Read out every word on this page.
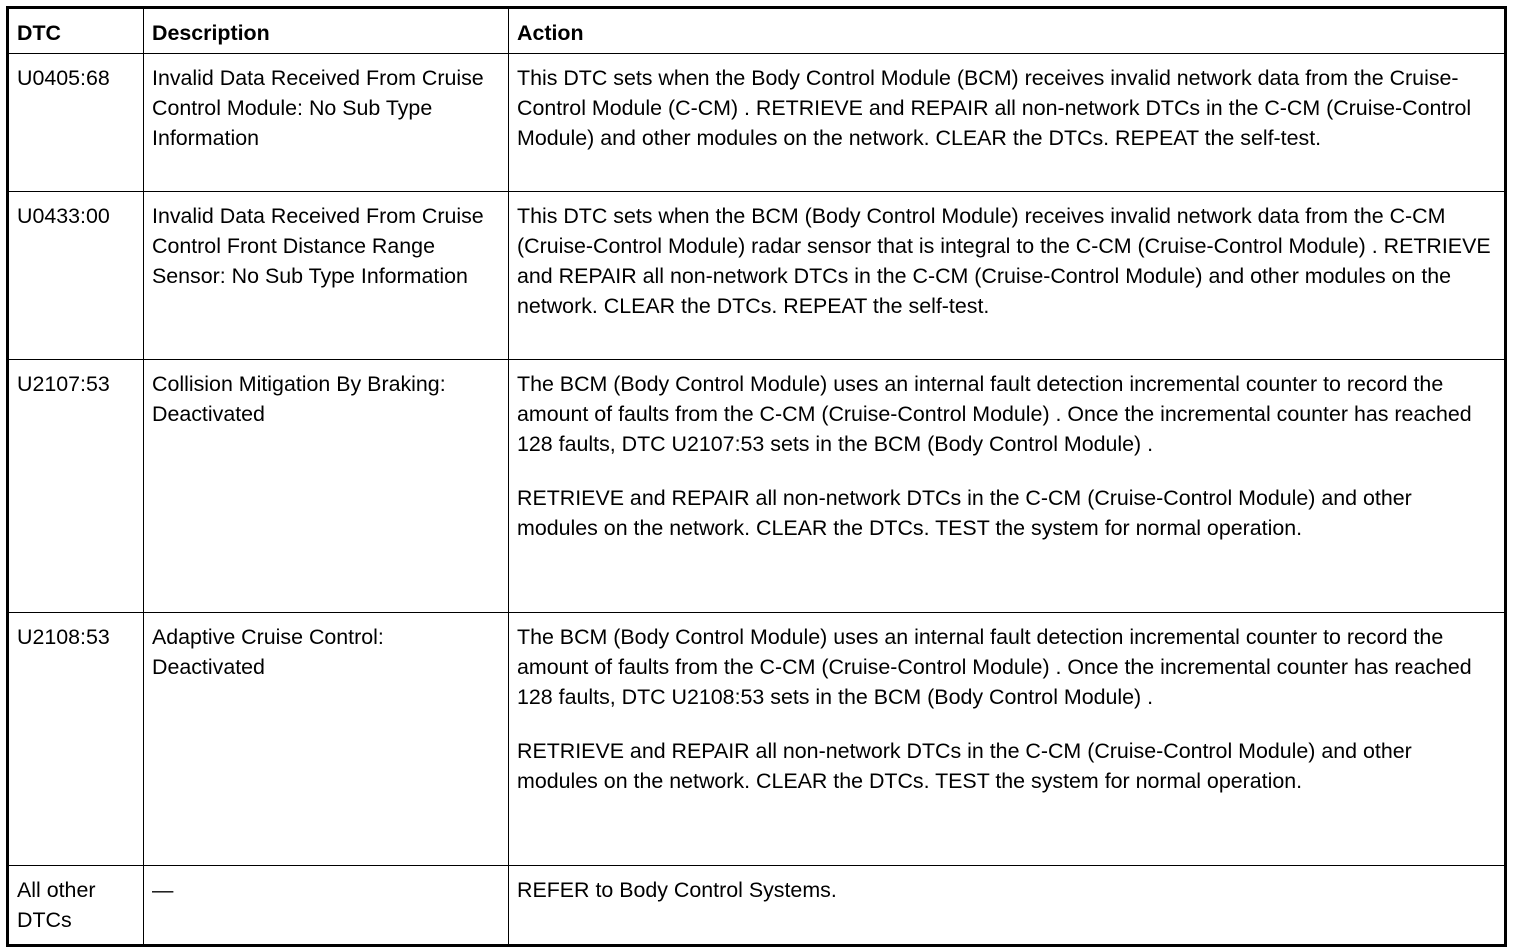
DTC	Description	Action

U0405:68	Invalid Data Received From Cruise Control Module: No Sub Type Information	This DTC sets when the Body Control Module (BCM) receives invalid network data from the Cruise-Control Module (C-CM) . RETRIEVE and REPAIR all non-network DTCs in the C-CM (Cruise-Control Module) and other modules on the network. CLEAR the DTCs. REPEAT the self-test.

U0433:00	Invalid Data Received From Cruise Control Front Distance Range Sensor: No Sub Type Information	This DTC sets when the BCM (Body Control Module) receives invalid network data from the C-CM (Cruise-Control Module) radar sensor that is integral to the C-CM (Cruise-Control Module) . RETRIEVE and REPAIR all non-network DTCs in the C-CM (Cruise-Control Module) and other modules on the network. CLEAR the DTCs. REPEAT the self-test.

U2107:53	Collision Mitigation By Braking: Deactivated	The BCM (Body Control Module) uses an internal fault detection incremental counter to record the amount of faults from the C-CM (Cruise-Control Module) . Once the incremental counter has reached 128 faults, DTC U2107:53 sets in the BCM (Body Control Module) .
RETRIEVE and REPAIR all non-network DTCs in the C-CM (Cruise-Control Module) and other modules on the network. CLEAR the DTCs. TEST the system for normal operation.

U2108:53	Adaptive Cruise Control: Deactivated	The BCM (Body Control Module) uses an internal fault detection incremental counter to record the amount of faults from the C-CM (Cruise-Control Module) . Once the incremental counter has reached 128 faults, DTC U2108:53 sets in the BCM (Body Control Module) .
RETRIEVE and REPAIR all non-network DTCs in the C-CM (Cruise-Control Module) and other modules on the network. CLEAR the DTCs. TEST the system for normal operation.

All other DTCs	—	REFER to Body Control Systems.
